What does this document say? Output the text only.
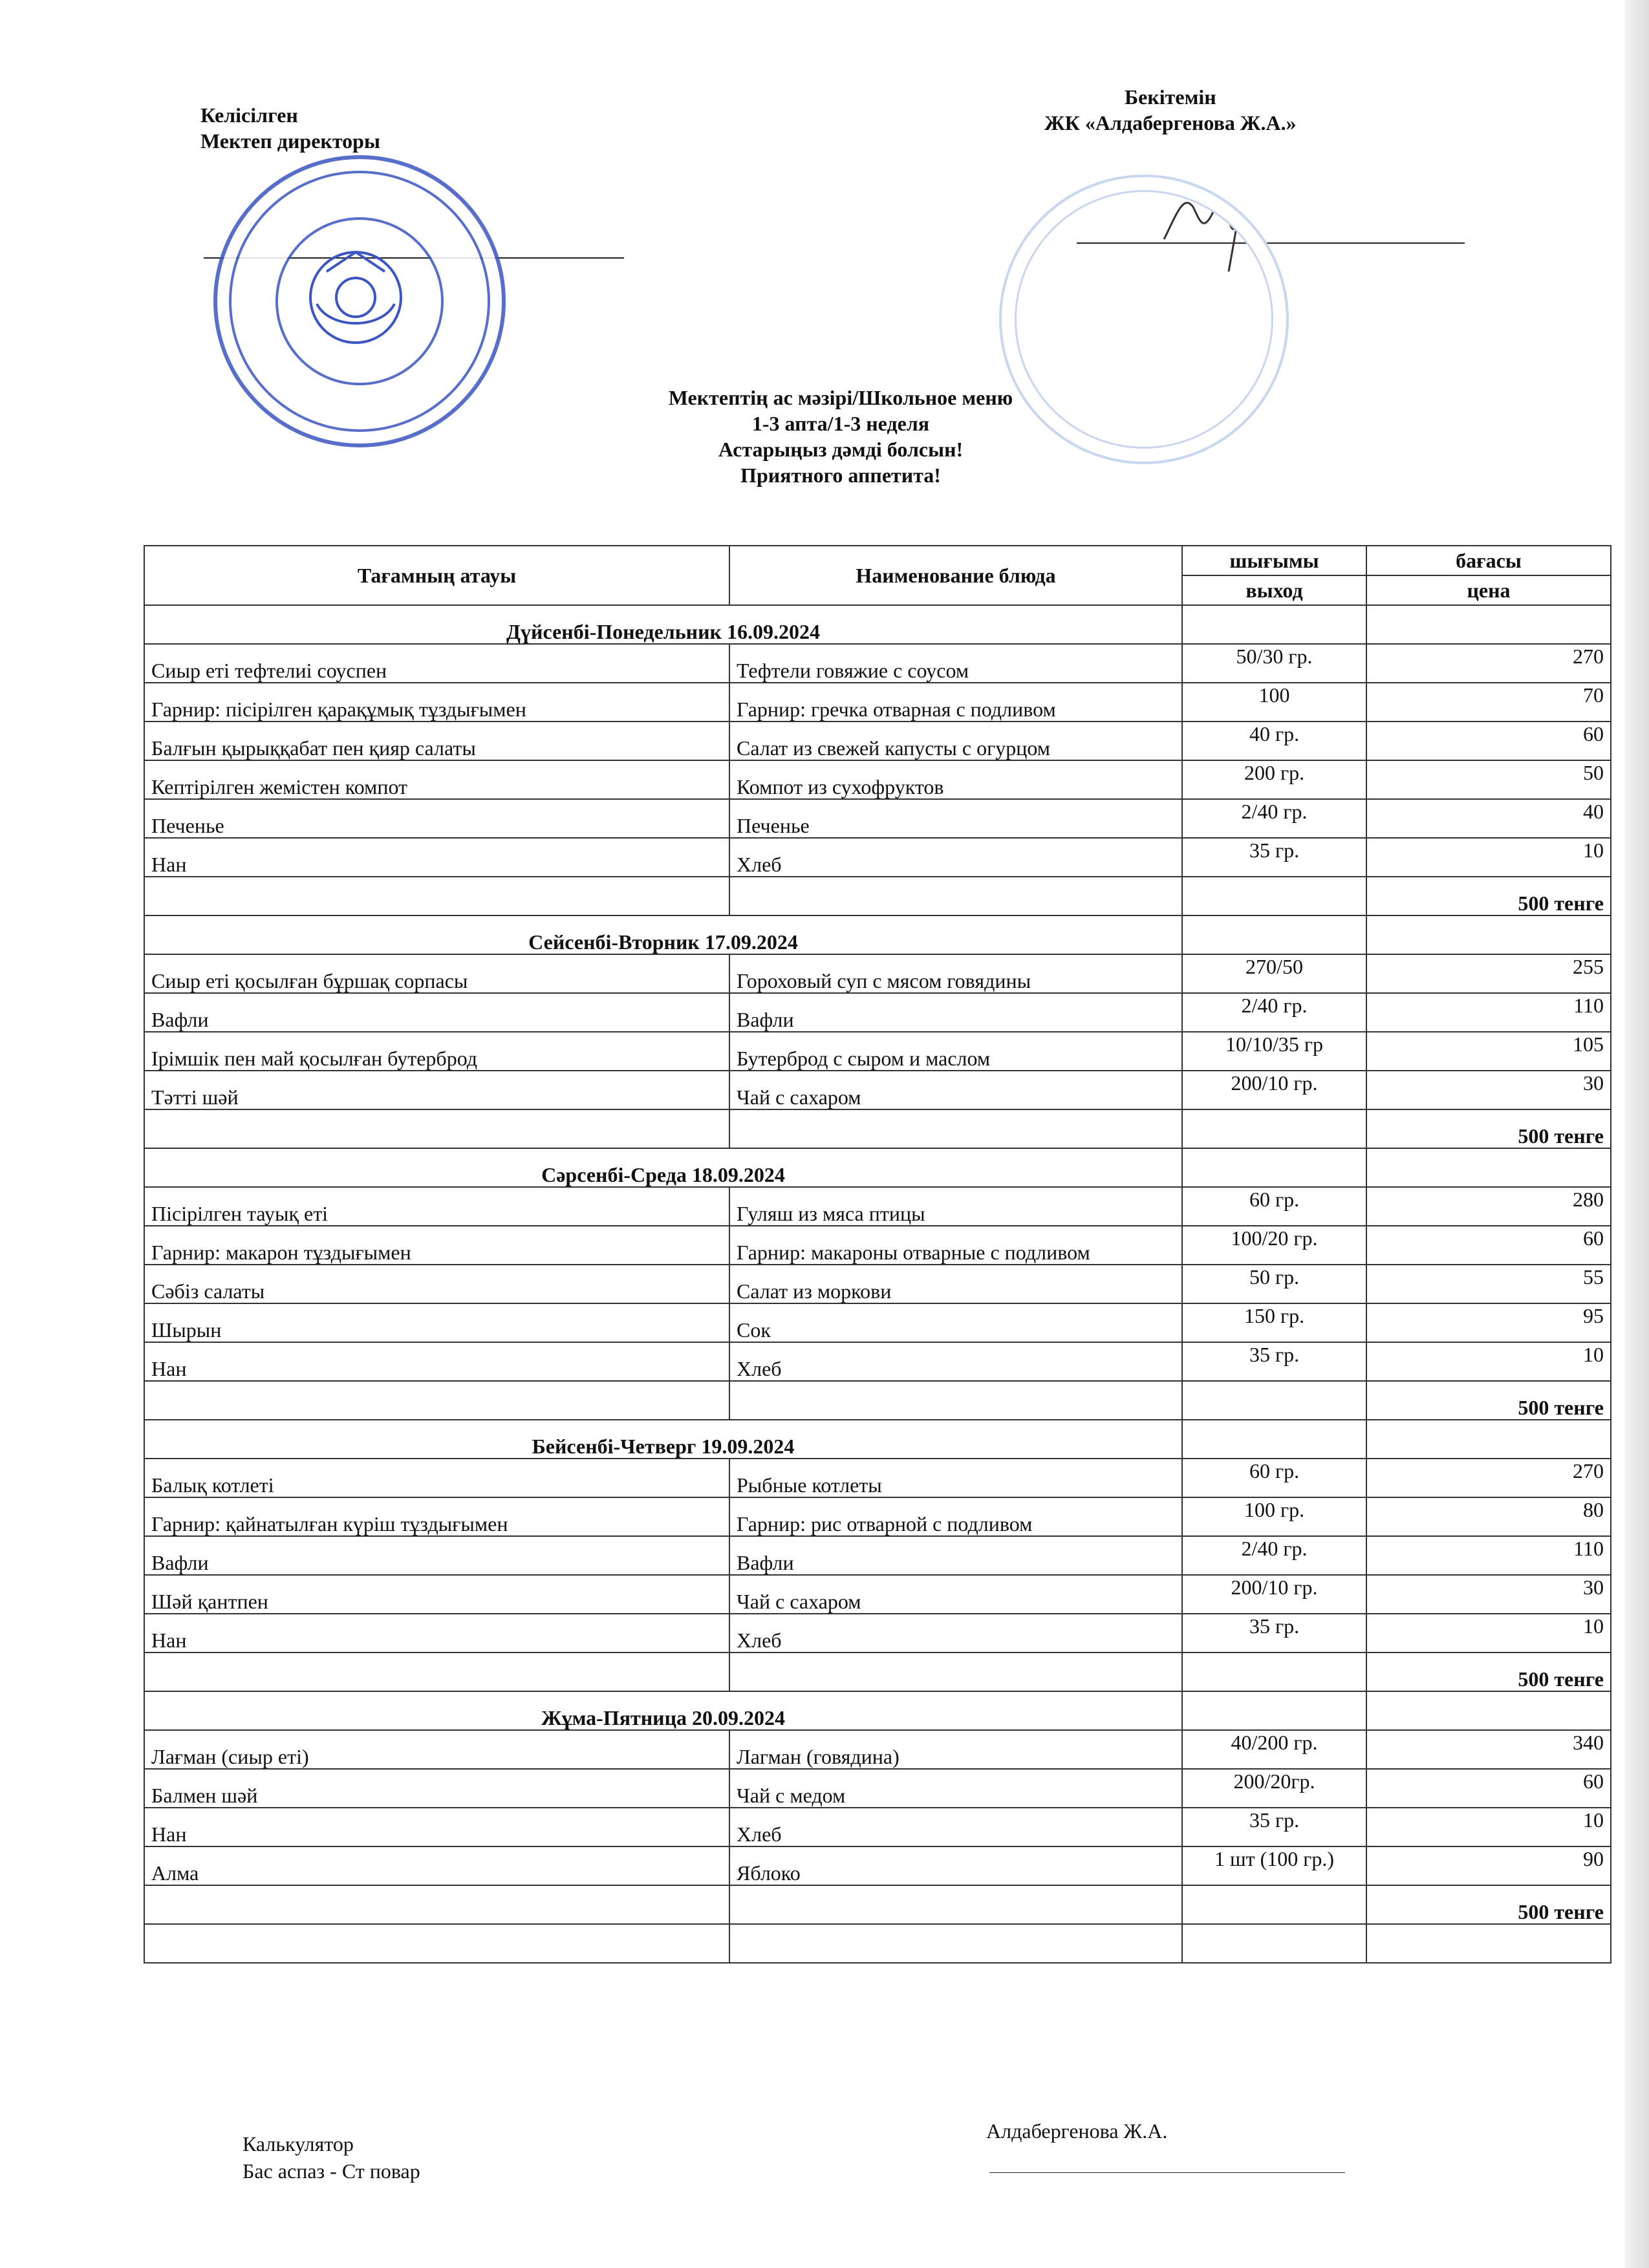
Келісілген
Мектеп директоры
Бекітемін
ЖК «Алдабергенова Ж.А.»
Мектептің ас мәзірі/Школьное меню
1-3 апта/1-3 неделя
Астарыңыз дәмді болсын!
Приятного аппетита!
Тағамның атауы	Наименование блюда	шығымы	бағасы
		выход	цена
Дүйсенбі-Понедельник 16.09.2024			
Сиыр еті тефтелиі соуспен	Тефтели говяжие с соусом	50/30 гр.	270
Гарнир: пісірілген қарақұмық тұздығымен	Гарнир: гречка отварная с подливом	100	70
Балғын қырыққабат пен қияр салаты	Салат из свежей капусты с огурцом	40 гр.	60
Кептірілген жемістен компот	Компот из сухофруктов	200 гр.	50
Печенье	Печенье	2/40 гр.	40
Нан	Хлеб	35 гр.	10
			500 тенге
Сейсенбі-Вторник 17.09.2024			
Сиыр еті қосылған бұршақ сорпасы	Гороховый суп с мясом говядины	270/50	255
Вафли	Вафли	2/40 гр.	110
Ірімшік пен май қосылған бутерброд	Бутерброд с сыром и маслом	10/10/35 гр	105
Тәтті шәй	Чай с сахаром	200/10 гр.	30
			500 тенге
Сәрсенбі-Среда 18.09.2024			
Пісірілген тауық еті	Гуляш из мяса птицы	60 гр.	280
Гарнир: макарон тұздығымен	Гарнир: макароны отварные с подливом	100/20 гр.	60
Сәбіз салаты	Салат из моркови	50 гр.	55
Шырын	Сок	150 гр.	95
Нан	Хлеб	35 гр.	10
			500 тенге
Бейсенбі-Четверг 19.09.2024			
Балық котлеті	Рыбные котлеты	60 гр.	270
Гарнир: қайнатылған күріш тұздығымен	Гарнир: рис отварной с подливом	100 гр.	80
Вафли	Вафли	2/40 гр.	110
Шәй қантпен	Чай с сахаром	200/10 гр.	30
Нан	Хлеб	35 гр.	10
			500 тенге
Жұма-Пятница 20.09.2024			
Лағман (сиыр еті)	Лагман (говядина)	40/200 гр.	340
Балмен шәй	Чай с медом	200/20гр.	60
Нан	Хлеб	35 гр.	10
Алма	Яблоко	1 шт (100 гр.)	90
			500 тенге

Калькулятор
Бас аспаз - Ст повар
Алдабергенова Ж.А.
